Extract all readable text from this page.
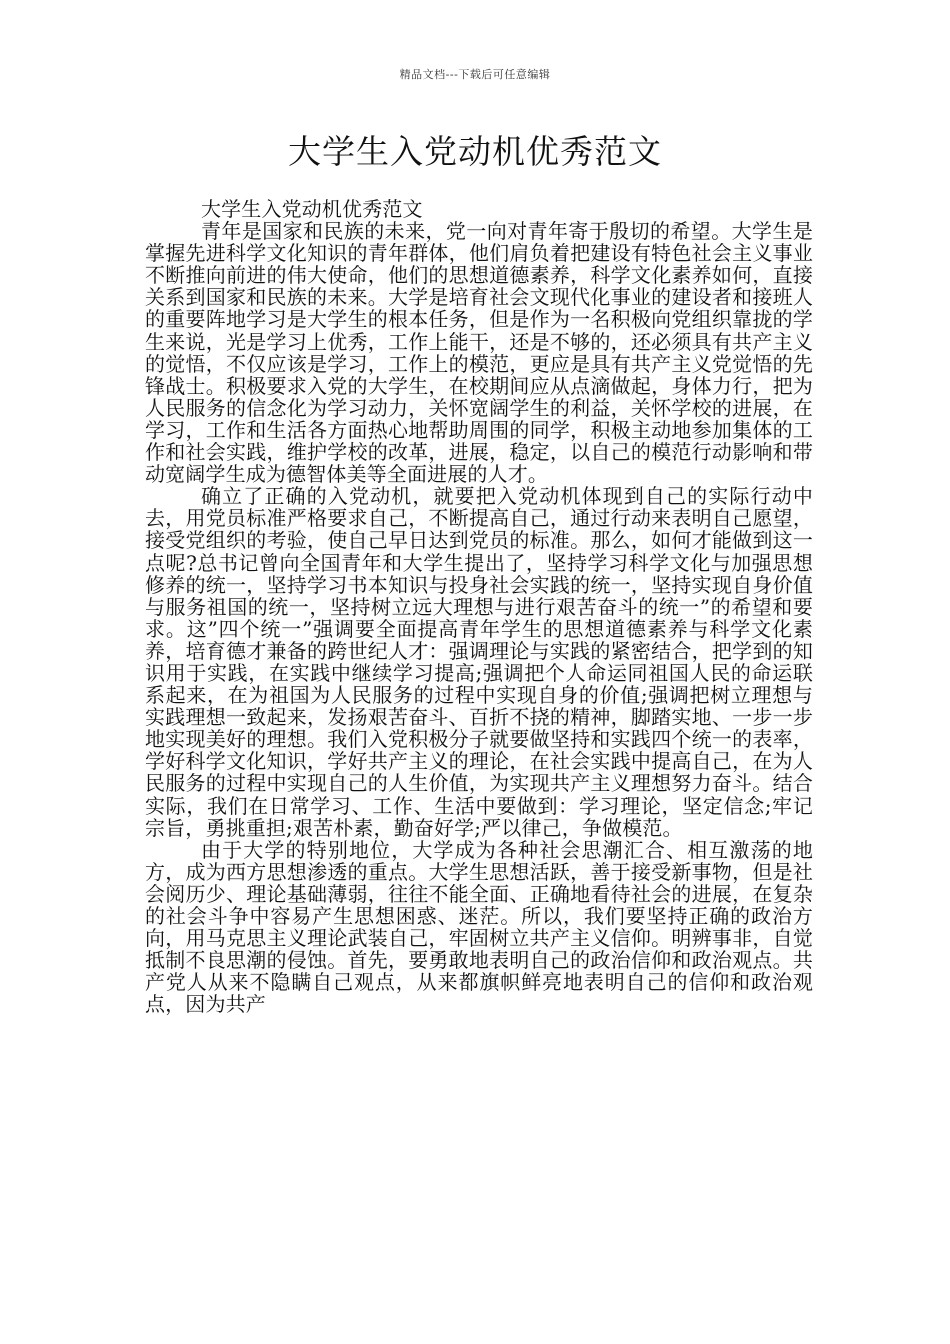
精品文档---下载后可任意编辑
大学生入党动机优秀范文

大学生入党动机优秀范文

青年是国家和民族的未来，党一向对青年寄于殷切的希望。大学生是掌握先进科学文化知识的青年群体，他们肩负着把建设有特色社会主义事业不断推向前进的伟大使命，他们的思想道德素养，科学文化素养如何，直接关系到国家和民族的未来。大学是培育社会文现代化事业的建设者和接班人的重要阵地学习是大学生的根本任务，但是作为一名积极向党组织靠拢的学生来说，光是学习上优秀，工作上能干，还是不够的，还必须具有共产主义的觉悟，不仅应该是学习，工作上的模范，更应是具有共产主义党觉悟的先锋战士。积极要求入党的大学生，在校期间应从点滴做起，身体力行，把为人民服务的信念化为学习动力，关怀宽阔学生的利益，关怀学校的进展，在学习，工作和生活各方面热心地帮助周围的同学，积极主动地参加集体的工作和社会实践，维护学校的改革，进展，稳定，以自己的模范行动影响和带动宽阔学生成为德智体美等全面进展的人才。

确立了正确的入党动机，就要把入党动机体现到自己的实际行动中去，用党员标准严格要求自己，不断提高自己，通过行动来表明自己愿望，接受党组织的考验，使自己早日达到党员的标准。那么，如何才能做到这一点呢?总书记曾向全国青年和大学生提出了，坚持学习科学文化与加强思想修养的统一，坚持学习书本知识与投身社会实践的统一，坚持实现自身价值与服务祖国的统一，坚持树立远大理想与进行艰苦奋斗的统一”的希望和要求。这”四个统一”强调要全面提高青年学生的思想道德素养与科学文化素养，培育德才兼备的跨世纪人才：强调理论与实践的紧密结合，把学到的知识用于实践，在实践中继续学习提高;强调把个人命运同祖国人民的命运联系起来，在为祖国为人民服务的过程中实现自身的价值;强调把树立理想与实践理想一致起来，发扬艰苦奋斗、百折不挠的精神，脚踏实地、一步一步地实现美好的理想。我们入党积极分子就要做坚持和实践四个统一的表率，学好科学文化知识，学好共产主义的理论，在社会实践中提高自己，在为人民服务的过程中实现自己的人生价值，为实现共产主义理想努力奋斗。结合实际，我们在日常学习、工作、生活中要做到：学习理论，坚定信念;牢记宗旨，勇挑重担;艰苦朴素，勤奋好学;严以律己，争做模范。

由于大学的特别地位，大学成为各种社会思潮汇合、相互激荡的地方，成为西方思想渗透的重点。大学生思想活跃，善于接受新事物，但是社会阅历少、理论基础薄弱，往往不能全面、正确地看待社会的进展，在复杂的社会斗争中容易产生思想困惑、迷茫。所以，我们要坚持正确的政治方向，用马克思主义理论武装自己，牢固树立共产主义信仰。明辨事非，自觉抵制不良思潮的侵蚀。首先，要勇敢地表明自己的政治信仰和政治观点。共产党人从来不隐瞒自己观点，从来都旗帜鲜亮地表明自己的信仰和政治观点，因为共产
